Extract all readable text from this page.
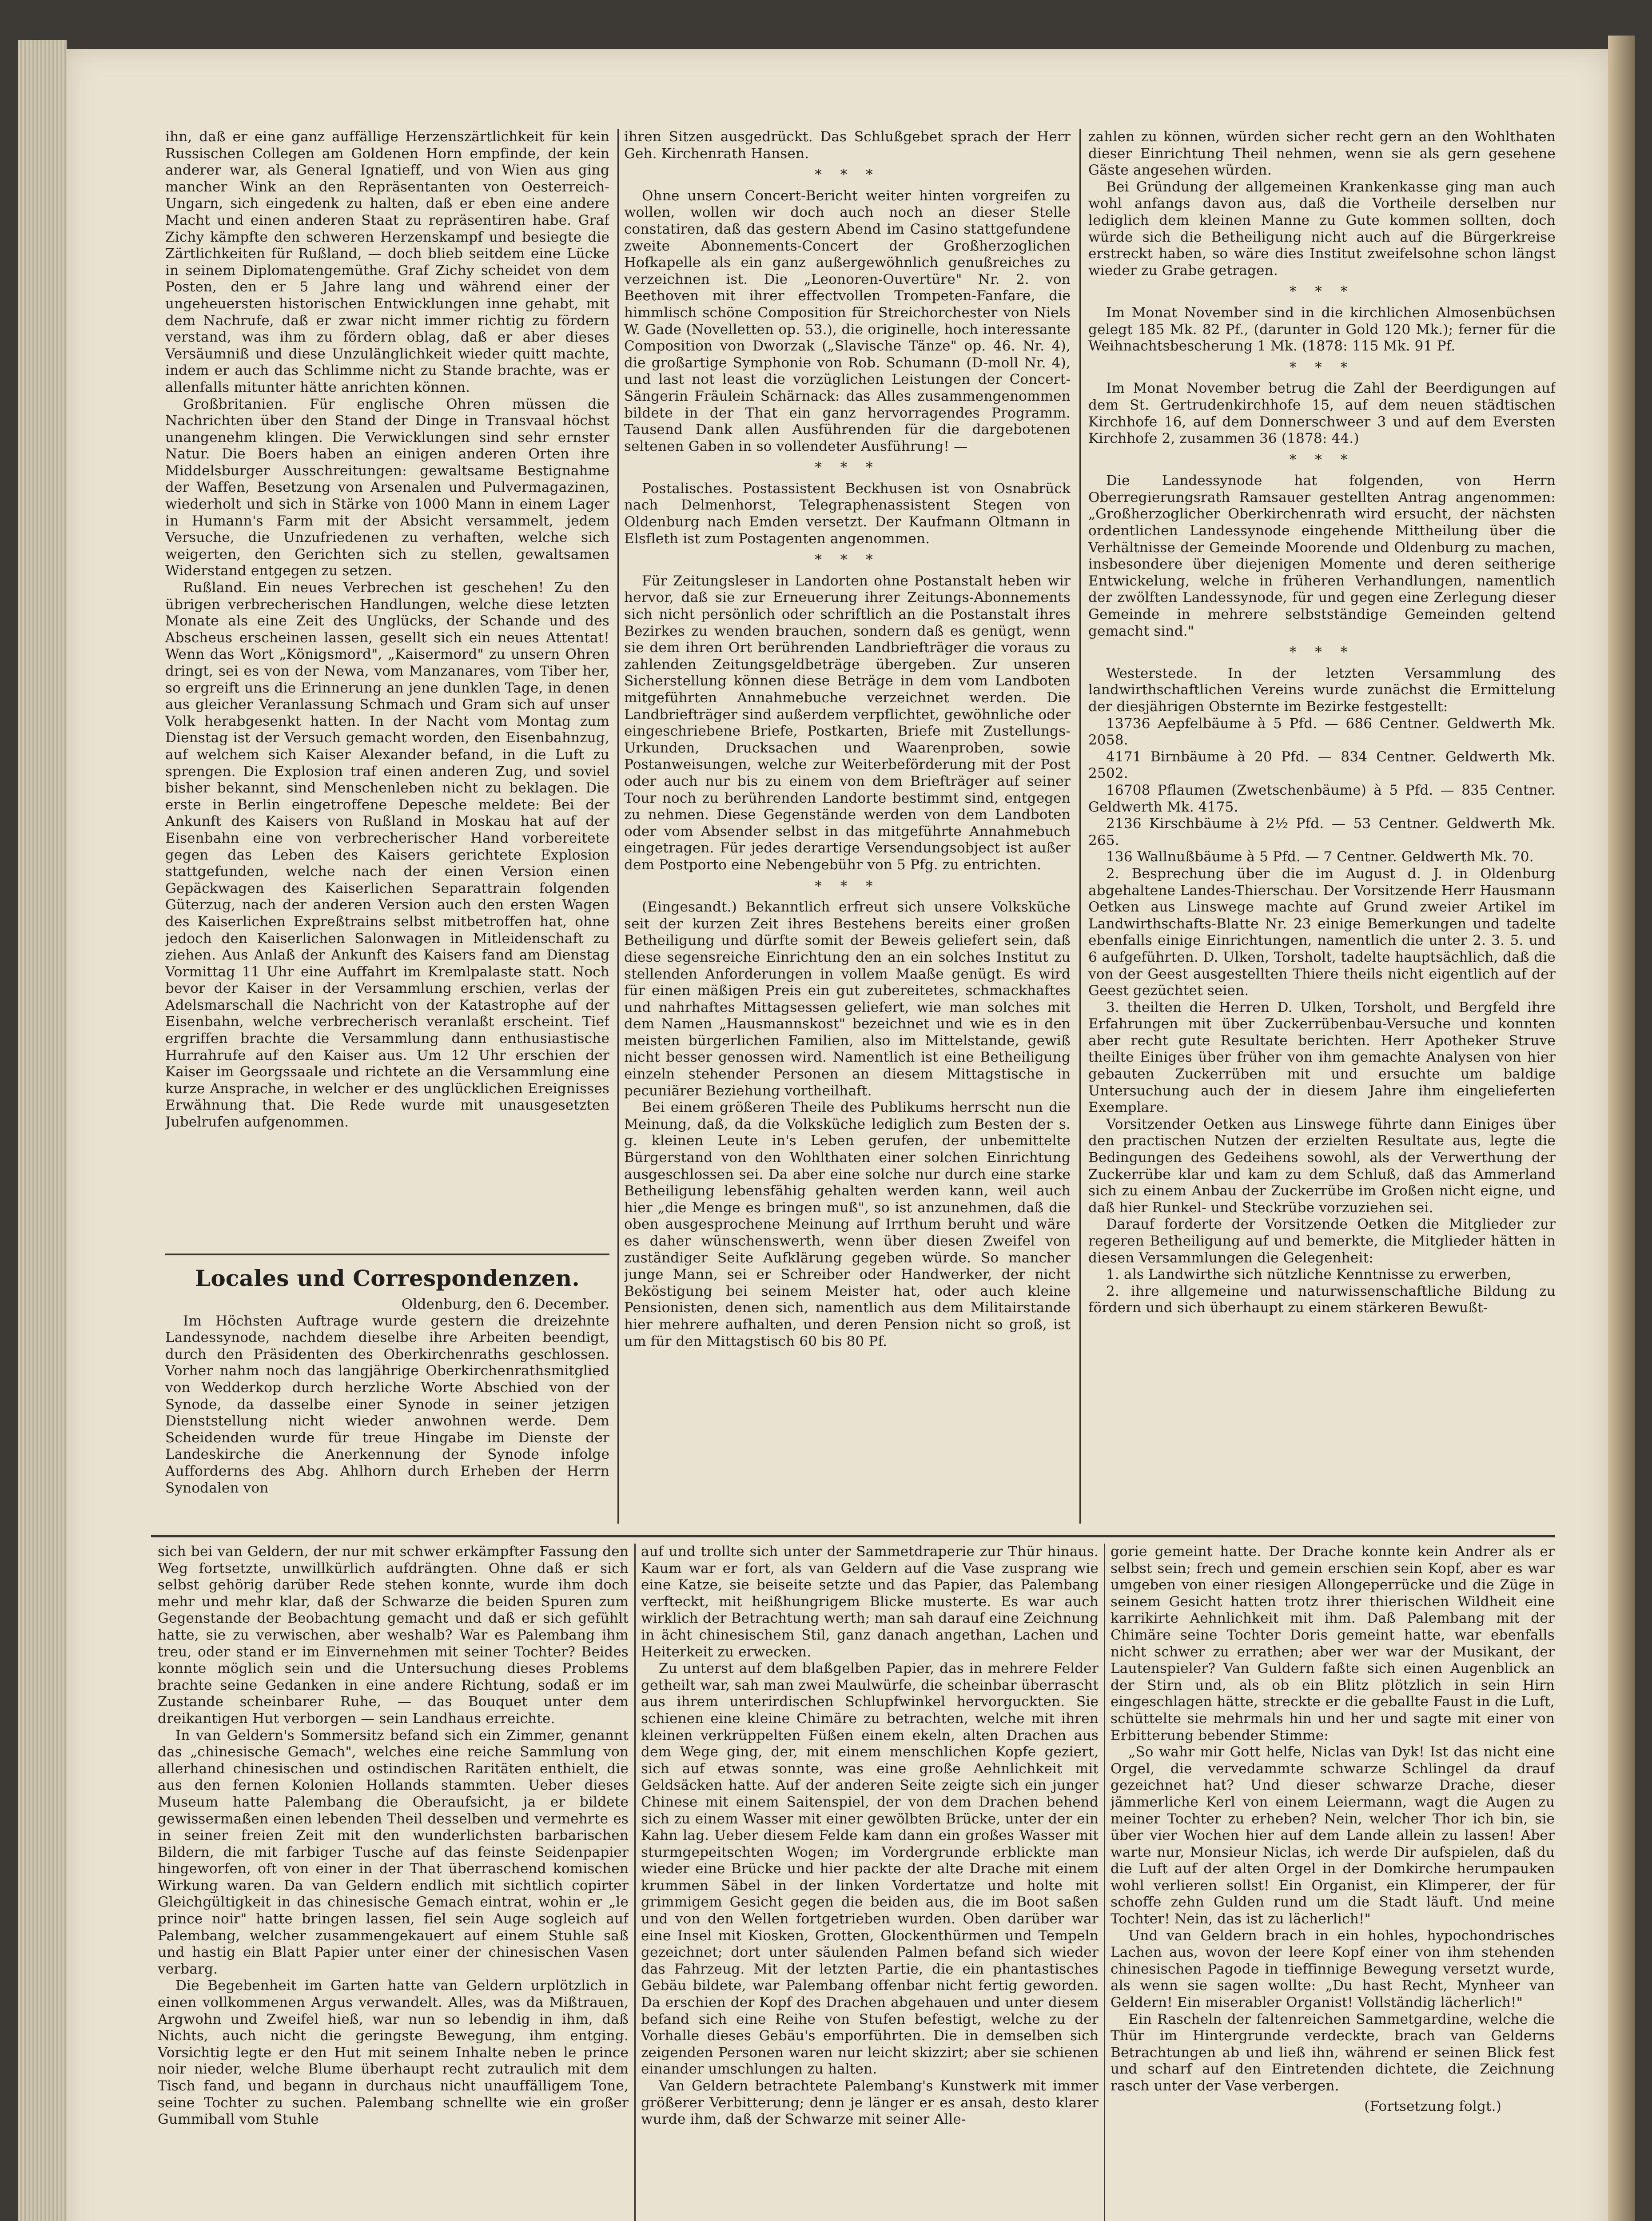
ihn, daß er eine ganz auffällige Herzenszärtlichkeit für kein Russischen Collegen am Goldenen Horn empfinde, der kein anderer war, als General Ignatieff, und von Wien aus ging mancher Wink an den Repräsentanten von Oesterreich-Ungarn, sich eingedenk zu halten, daß er eben eine andere Macht und einen anderen Staat zu repräsentiren habe. Graf Zichy kämpfte den schweren Herzenskampf und besiegte die Zärtlichkeiten für Rußland, — doch blieb seitdem eine Lücke in seinem Diplomatengemüthe. Graf Zichy scheidet von dem Posten, den er 5 Jahre lang und während einer der ungeheuersten historischen Entwicklungen inne gehabt, mit dem Nachrufe, daß er zwar nicht immer richtig zu fördern verstand, was ihm zu fördern oblag, daß er aber dieses Versäumniß und diese Unzulänglichkeit wieder quitt machte, indem er auch das Schlimme nicht zu Stande brachte, was er allenfalls mitunter hätte anrichten können.

Großbritanien. Für englische Ohren müssen die Nachrichten über den Stand der Dinge in Transvaal höchst unangenehm klingen. Die Verwicklungen sind sehr ernster Natur. Die Boers haben an einigen anderen Orten ihre Middelsburger Ausschreitungen: gewaltsame Bestignahme der Waffen, Besetzung von Arsenalen und Pulvermagazinen, wiederholt und sich in Stärke von 1000 Mann in einem Lager in Humann's Farm mit der Absicht versammelt, jedem Versuche, die Unzufriedenen zu verhaften, welche sich weigerten, den Gerichten sich zu stellen, gewaltsamen Widerstand entgegen zu setzen.

Rußland. Ein neues Verbrechen ist geschehen! Zu den übrigen verbrecherischen Handlungen, welche diese letzten Monate als eine Zeit des Unglücks, der Schande und des Abscheus erscheinen lassen, gesellt sich ein neues Attentat! Wenn das Wort „Königsmord", „Kaisermord" zu unsern Ohren dringt, sei es von der Newa, vom Manzanares, vom Tiber her, so ergreift uns die Erinnerung an jene dunklen Tage, in denen aus gleicher Veranlassung Schmach und Gram sich auf unser Volk herabgesenkt hatten. In der Nacht vom Montag zum Dienstag ist der Versuch gemacht worden, den Eisenbahnzug, auf welchem sich Kaiser Alexander befand, in die Luft zu sprengen. Die Explosion traf einen anderen Zug, und soviel bisher bekannt, sind Menschenleben nicht zu beklagen. Die erste in Berlin eingetroffene Depesche meldete: Bei der Ankunft des Kaisers von Rußland in Moskau hat auf der Eisenbahn eine von verbrecherischer Hand vorbereitete gegen das Leben des Kaisers gerichtete Explosion stattgefunden, welche nach der einen Version einen Gepäckwagen des Kaiserlichen Separattrain folgenden Güterzug, nach der anderen Version auch den ersten Wagen des Kaiserlichen Expreßtrains selbst mitbetroffen hat, ohne jedoch den Kaiserlichen Salonwagen in Mitleidenschaft zu ziehen. Aus Anlaß der Ankunft des Kaisers fand am Dienstag Vormittag 11 Uhr eine Auffahrt im Kremlpalaste statt. Noch bevor der Kaiser in der Versammlung erschien, verlas der Adelsmarschall die Nachricht von der Katastrophe auf der Eisenbahn, welche verbrecherisch veranlaßt erscheint. Tief ergriffen brachte die Versammlung dann enthusiastische Hurrahrufe auf den Kaiser aus. Um 12 Uhr erschien der Kaiser im Georgssaale und richtete an die Versammlung eine kurze Ansprache, in welcher er des unglücklichen Ereignisses Erwähnung that. Die Rede wurde mit unausgesetzten Jubelrufen aufgenommen.

Locales und Correspondenzen.

Oldenburg, den 6. December.

Im Höchsten Auftrage wurde gestern die dreizehnte Landessynode, nachdem dieselbe ihre Arbeiten beendigt, durch den Präsidenten des Oberkirchenraths geschlossen. Vorher nahm noch das langjährige Oberkirchenrathsmitglied von Wedderkop durch herzliche Worte Abschied von der Synode, da dasselbe einer Synode in seiner jetzigen Dienststellung nicht wieder anwohnen werde. Dem Scheidenden wurde für treue Hingabe im Dienste der Landeskirche die Anerkennung der Synode infolge Aufforderns des Abg. Ahlhorn durch Erheben der Herrn Synodalen von

ihren Sitzen ausgedrückt. Das Schlußgebet sprach der Herr Geh. Kirchenrath Hansen.

* * *

Ohne unsern Concert-Bericht weiter hinten vorgreifen zu wollen, wollen wir doch auch noch an dieser Stelle constatiren, daß das gestern Abend im Casino stattgefundene zweite Abonnements-Concert der Großherzoglichen Hofkapelle als ein ganz außergewöhnlich genußreiches zu verzeichnen ist. Die „Leonoren-Ouvertüre" Nr. 2. von Beethoven mit ihrer effectvollen Trompeten-Fanfare, die himmlisch schöne Composition für Streichorchester von Niels W. Gade (Novelletten op. 53.), die originelle, hoch interessante Composition von Dworzak („Slavische Tänze" op. 46. Nr. 4), die großartige Symphonie von Rob. Schumann (D-moll Nr. 4), und last not least die vorzüglichen Leistungen der Concert-Sängerin Fräulein Schärnack: das Alles zusammengenommen bildete in der That ein ganz hervorragendes Programm. Tausend Dank allen Ausführenden für die dargebotenen seltenen Gaben in so vollendeter Ausführung! —

* * *

Postalisches. Postassistent Beckhusen ist von Osnabrück nach Delmenhorst, Telegraphenassistent Stegen von Oldenburg nach Emden versetzt. Der Kaufmann Oltmann in Elsfleth ist zum Postagenten angenommen.

* * *

Für Zeitungsleser in Landorten ohne Postanstalt heben wir hervor, daß sie zur Erneuerung ihrer Zeitungs-Abonnements sich nicht persönlich oder schriftlich an die Postanstalt ihres Bezirkes zu wenden brauchen, sondern daß es genügt, wenn sie dem ihren Ort berührenden Landbriefträger die voraus zu zahlenden Zeitungsgeldbeträge übergeben. Zur unseren Sicherstellung können diese Beträge in dem vom Landboten mitgeführten Annahmebuche verzeichnet werden. Die Landbriefträger sind außerdem verpflichtet, gewöhnliche oder eingeschriebene Briefe, Postkarten, Briefe mit Zustellungs-Urkunden, Drucksachen und Waarenproben, sowie Postanweisungen, welche zur Weiterbeförderung mit der Post oder auch nur bis zu einem von dem Briefträger auf seiner Tour noch zu berührenden Landorte bestimmt sind, entgegen zu nehmen. Diese Gegenstände werden von dem Landboten oder vom Absender selbst in das mitgeführte Annahmebuch eingetragen. Für jedes derartige Versendungsobject ist außer dem Postporto eine Nebengebühr von 5 Pfg. zu entrichten.

* * *

(Eingesandt.) Bekanntlich erfreut sich unsere Volksküche seit der kurzen Zeit ihres Bestehens bereits einer großen Betheiligung und dürfte somit der Beweis geliefert sein, daß diese segensreiche Einrichtung den an ein solches Institut zu stellenden Anforderungen in vollem Maaße genügt. Es wird für einen mäßigen Preis ein gut zubereitetes, schmackhaftes und nahrhaftes Mittagsessen geliefert, wie man solches mit dem Namen „Hausmannskost" bezeichnet und wie es in den meisten bürgerlichen Familien, also im Mittelstande, gewiß nicht besser genossen wird. Namentlich ist eine Betheiligung einzeln stehender Personen an diesem Mittagstische in pecuniärer Beziehung vortheilhaft.

Bei einem größeren Theile des Publikums herrscht nun die Meinung, daß, da die Volksküche lediglich zum Besten der s. g. kleinen Leute in's Leben gerufen, der unbemittelte Bürgerstand von den Wohlthaten einer solchen Einrichtung ausgeschlossen sei. Da aber eine solche nur durch eine starke Betheiligung lebensfähig gehalten werden kann, weil auch hier „die Menge es bringen muß", so ist anzunehmen, daß die oben ausgesprochene Meinung auf Irrthum beruht und wäre es daher wünschenswerth, wenn über diesen Zweifel von zuständiger Seite Aufklärung gegeben würde. So mancher junge Mann, sei er Schreiber oder Handwerker, der nicht Beköstigung bei seinem Meister hat, oder auch kleine Pensionisten, denen sich, namentlich aus dem Militairstande hier mehrere aufhalten, und deren Pension nicht so groß, ist um für den Mittagstisch 60 bis 80 Pf.

zahlen zu können, würden sicher recht gern an den Wohlthaten dieser Einrichtung Theil nehmen, wenn sie als gern gesehene Gäste angesehen würden.

Bei Gründung der allgemeinen Krankenkasse ging man auch wohl anfangs davon aus, daß die Vortheile derselben nur lediglich dem kleinen Manne zu Gute kommen sollten, doch würde sich die Betheiligung nicht auch auf die Bürgerkreise erstreckt haben, so wäre dies Institut zweifelsohne schon längst wieder zu Grabe getragen.

* * *

Im Monat November sind in die kirchlichen Almosenbüchsen gelegt 185 Mk. 82 Pf., (darunter in Gold 120 Mk.); ferner für die Weihnachtsbescherung 1 Mk. (1878: 115 Mk. 91 Pf.

* * *

Im Monat November betrug die Zahl der Beerdigungen auf dem St. Gertrudenkirchhofe 15, auf dem neuen städtischen Kirchhofe 16, auf dem Donnerschweer 3 und auf dem Eversten Kirchhofe 2, zusammen 36 (1878: 44.)

* * *

Die Landessynode hat folgenden, von Herrn Oberregierungsrath Ramsauer gestellten Antrag angenommen: „Großherzoglicher Oberkirchenrath wird ersucht, der nächsten ordentlichen Landessynode eingehende Mittheilung über die Verhältnisse der Gemeinde Moorende und Oldenburg zu machen, insbesondere über diejenigen Momente und deren seitherige Entwickelung, welche in früheren Verhandlungen, namentlich der zwölften Landessynode, für und gegen eine Zerlegung dieser Gemeinde in mehrere selbstständige Gemeinden geltend gemacht sind."

* * *

Westerstede. In der letzten Versammlung des landwirthschaftlichen Vereins wurde zunächst die Ermittelung der diesjährigen Obsternte im Bezirke festgestellt:

13736 Aepfelbäume à 5 Pfd. — 686 Centner. Geldwerth Mk. 2058.

4171 Birnbäume à 20 Pfd. — 834 Centner. Geldwerth Mk. 2502.

16708 Pflaumen (Zwetschenbäume) à 5 Pfd. — 835 Centner. Geldwerth Mk. 4175.

2136 Kirschbäume à 2½ Pfd. — 53 Centner. Geldwerth Mk. 265.

136 Wallnußbäume à 5 Pfd. — 7 Centner. Geldwerth Mk. 70.

2. Besprechung über die im August d. J. in Oldenburg abgehaltene Landes-Thierschau. Der Vorsitzende Herr Hausmann Oetken aus Linswege machte auf Grund zweier Artikel im Landwirthschafts-Blatte Nr. 23 einige Bemerkungen und tadelte ebenfalls einige Einrichtungen, namentlich die unter 2. 3. 5. und 6 aufgeführten. D. Ulken, Torsholt, tadelte hauptsächlich, daß die von der Geest ausgestellten Thiere theils nicht eigentlich auf der Geest gezüchtet seien.

3. theilten die Herren D. Ulken, Torsholt, und Bergfeld ihre Erfahrungen mit über Zuckerrübenbau-Versuche und konnten aber recht gute Resultate berichten. Herr Apotheker Struve theilte Einiges über früher von ihm gemachte Analysen von hier gebauten Zuckerrüben mit und ersuchte um baldige Untersuchung auch der in diesem Jahre ihm eingelieferten Exemplare.

Vorsitzender Oetken aus Linswege führte dann Einiges über den practischen Nutzen der erzielten Resultate aus, legte die Bedingungen des Gedeihens sowohl, als der Verwerthung der Zuckerrübe klar und kam zu dem Schluß, daß das Ammerland sich zu einem Anbau der Zuckerrübe im Großen nicht eigne, und daß hier Runkel- und Steckrübe vorzuziehen sei.

Darauf forderte der Vorsitzende Oetken die Mitglieder zur regeren Betheiligung auf und bemerkte, die Mitglieder hätten in diesen Versammlungen die Gelegenheit:

1. als Landwirthe sich nützliche Kenntnisse zu erwerben,

2. ihre allgemeine und naturwissenschaftliche Bildung zu fördern und sich überhaupt zu einem stärkeren Bewußt-

sich bei van Geldern, der nur mit schwer erkämpfter Fassung den Weg fortsetzte, unwillkürlich aufdrängten. Ohne daß er sich selbst gehörig darüber Rede stehen konnte, wurde ihm doch mehr und mehr klar, daß der Schwarze die beiden Spuren zum Gegenstande der Beobachtung gemacht und daß er sich gefühlt hatte, sie zu verwischen, aber weshalb? War es Palembang ihm treu, oder stand er im Einvernehmen mit seiner Tochter? Beides konnte möglich sein und die Untersuchung dieses Problems brachte seine Gedanken in eine andere Richtung, sodaß er im Zustande scheinbarer Ruhe, — das Bouquet unter dem dreikantigen Hut verborgen — sein Landhaus erreichte.

In van Geldern's Sommersitz befand sich ein Zimmer, genannt das „chinesische Gemach", welches eine reiche Sammlung von allerhand chinesischen und ostindischen Raritäten enthielt, die aus den fernen Kolonien Hollands stammten. Ueber dieses Museum hatte Palembang die Oberaufsicht, ja er bildete gewissermaßen einen lebenden Theil desselben und vermehrte es in seiner freien Zeit mit den wunderlichsten barbarischen Bildern, die mit farbiger Tusche auf das feinste Seidenpapier hingeworfen, oft von einer in der That überraschend komischen Wirkung waren. Da van Geldern endlich mit sichtlich copirter Gleichgültigkeit in das chinesische Gemach eintrat, wohin er „le prince noir" hatte bringen lassen, fiel sein Auge sogleich auf Palembang, welcher zusammengekauert auf einem Stuhle saß und hastig ein Blatt Papier unter einer der chinesischen Vasen verbarg.

Die Begebenheit im Garten hatte van Geldern urplötzlich in einen vollkommenen Argus verwandelt. Alles, was da Mißtrauen, Argwohn und Zweifel hieß, war nun so lebendig in ihm, daß Nichts, auch nicht die geringste Bewegung, ihm entging. Vorsichtig legte er den Hut mit seinem Inhalte neben le prince noir nieder, welche Blume überhaupt recht zutraulich mit dem Tisch fand, und begann in durchaus nicht unauffälligem Tone, seine Tochter zu suchen. Palembang schnellte wie ein großer Gummiball vom Stuhle

auf und trollte sich unter der Sammetdraperie zur Thür hinaus. Kaum war er fort, als van Geldern auf die Vase zusprang wie eine Katze, sie beiseite setzte und das Papier, das Palembang verfteckt, mit heißhungrigem Blicke musterte. Es war auch wirklich der Betrachtung werth; man sah darauf eine Zeichnung in ächt chinesischem Stil, ganz danach angethan, Lachen und Heiterkeit zu erwecken.

Zu unterst auf dem blaßgelben Papier, das in mehrere Felder getheilt war, sah man zwei Maulwürfe, die scheinbar überrascht aus ihrem unterirdischen Schlupfwinkel hervorguckten. Sie schienen eine kleine Chimäre zu betrachten, welche mit ihren kleinen verkrüppelten Füßen einem ekeln, alten Drachen aus dem Wege ging, der, mit einem menschlichen Kopfe geziert, sich auf etwas sonnte, was eine große Aehnlichkeit mit Geldsäcken hatte. Auf der anderen Seite zeigte sich ein junger Chinese mit einem Saitenspiel, der von dem Drachen behend sich zu einem Wasser mit einer gewölbten Brücke, unter der ein Kahn lag. Ueber diesem Felde kam dann ein großes Wasser mit sturmgepeitschten Wogen; im Vordergrunde erblickte man wieder eine Brücke und hier packte der alte Drache mit einem krummen Säbel in der linken Vordertatze und holte mit grimmigem Gesicht gegen die beiden aus, die im Boot saßen und von den Wellen fortgetrieben wurden. Oben darüber war eine Insel mit Kiosken, Grotten, Glockenthürmen und Tempeln gezeichnet; dort unter säulenden Palmen befand sich wieder das Fahrzeug. Mit der letzten Partie, die ein phantastisches Gebäu bildete, war Palembang offenbar nicht fertig geworden. Da erschien der Kopf des Drachen abgehauen und unter diesem befand sich eine Reihe von Stufen befestigt, welche zu der Vorhalle dieses Gebäu's emporführten. Die in demselben sich zeigenden Personen waren nur leicht skizzirt; aber sie schienen einander umschlungen zu halten.

Van Geldern betrachtete Palembang's Kunstwerk mit immer größerer Verbitterung; denn je länger er es ansah, desto klarer wurde ihm, daß der Schwarze mit seiner Alle-

gorie gemeint hatte. Der Drache konnte kein Andrer als er selbst sein; frech und gemein erschien sein Kopf, aber es war umgeben von einer riesigen Allongeperrücke und die Züge in seinem Gesicht hatten trotz ihrer thierischen Wildheit eine karrikirte Aehnlichkeit mit ihm. Daß Palembang mit der Chimäre seine Tochter Doris gemeint hatte, war ebenfalls nicht schwer zu errathen; aber wer war der Musikant, der Lautenspieler? Van Guldern faßte sich einen Augenblick an der Stirn und, als ob ein Blitz plötzlich in sein Hirn eingeschlagen hätte, streckte er die geballte Faust in die Luft, schüttelte sie mehrmals hin und her und sagte mit einer von Erbitterung bebender Stimme:

„So wahr mir Gott helfe, Niclas van Dyk! Ist das nicht eine Orgel, die vervedammte schwarze Schlingel da drauf gezeichnet hat? Und dieser schwarze Drache, dieser jämmerliche Kerl von einem Leiermann, wagt die Augen zu meiner Tochter zu erheben? Nein, welcher Thor ich bin, sie über vier Wochen hier auf dem Lande allein zu lassen! Aber warte nur, Monsieur Niclas, ich werde Dir aufspielen, daß du die Luft auf der alten Orgel in der Domkirche herumpauken wohl verlieren sollst! Ein Organist, ein Klimperer, der für schoffe zehn Gulden rund um die Stadt läuft. Und meine Tochter! Nein, das ist zu lächerlich!"

Und van Geldern brach in ein hohles, hypochondrisches Lachen aus, wovon der leere Kopf einer von ihm stehenden chinesischen Pagode in tieffinnige Bewegung versetzt wurde, als wenn sie sagen wollte: „Du hast Recht, Mynheer van Geldern! Ein miserabler Organist! Vollständig lächerlich!"

Ein Rascheln der faltenreichen Sammetgardine, welche die Thür im Hintergrunde verdeckte, brach van Gelderns Betrachtungen ab und ließ ihn, während er seinen Blick fest und scharf auf den Eintretenden dichtete, die Zeichnung rasch unter der Vase verbergen.

(Fortsetzung folgt.)
